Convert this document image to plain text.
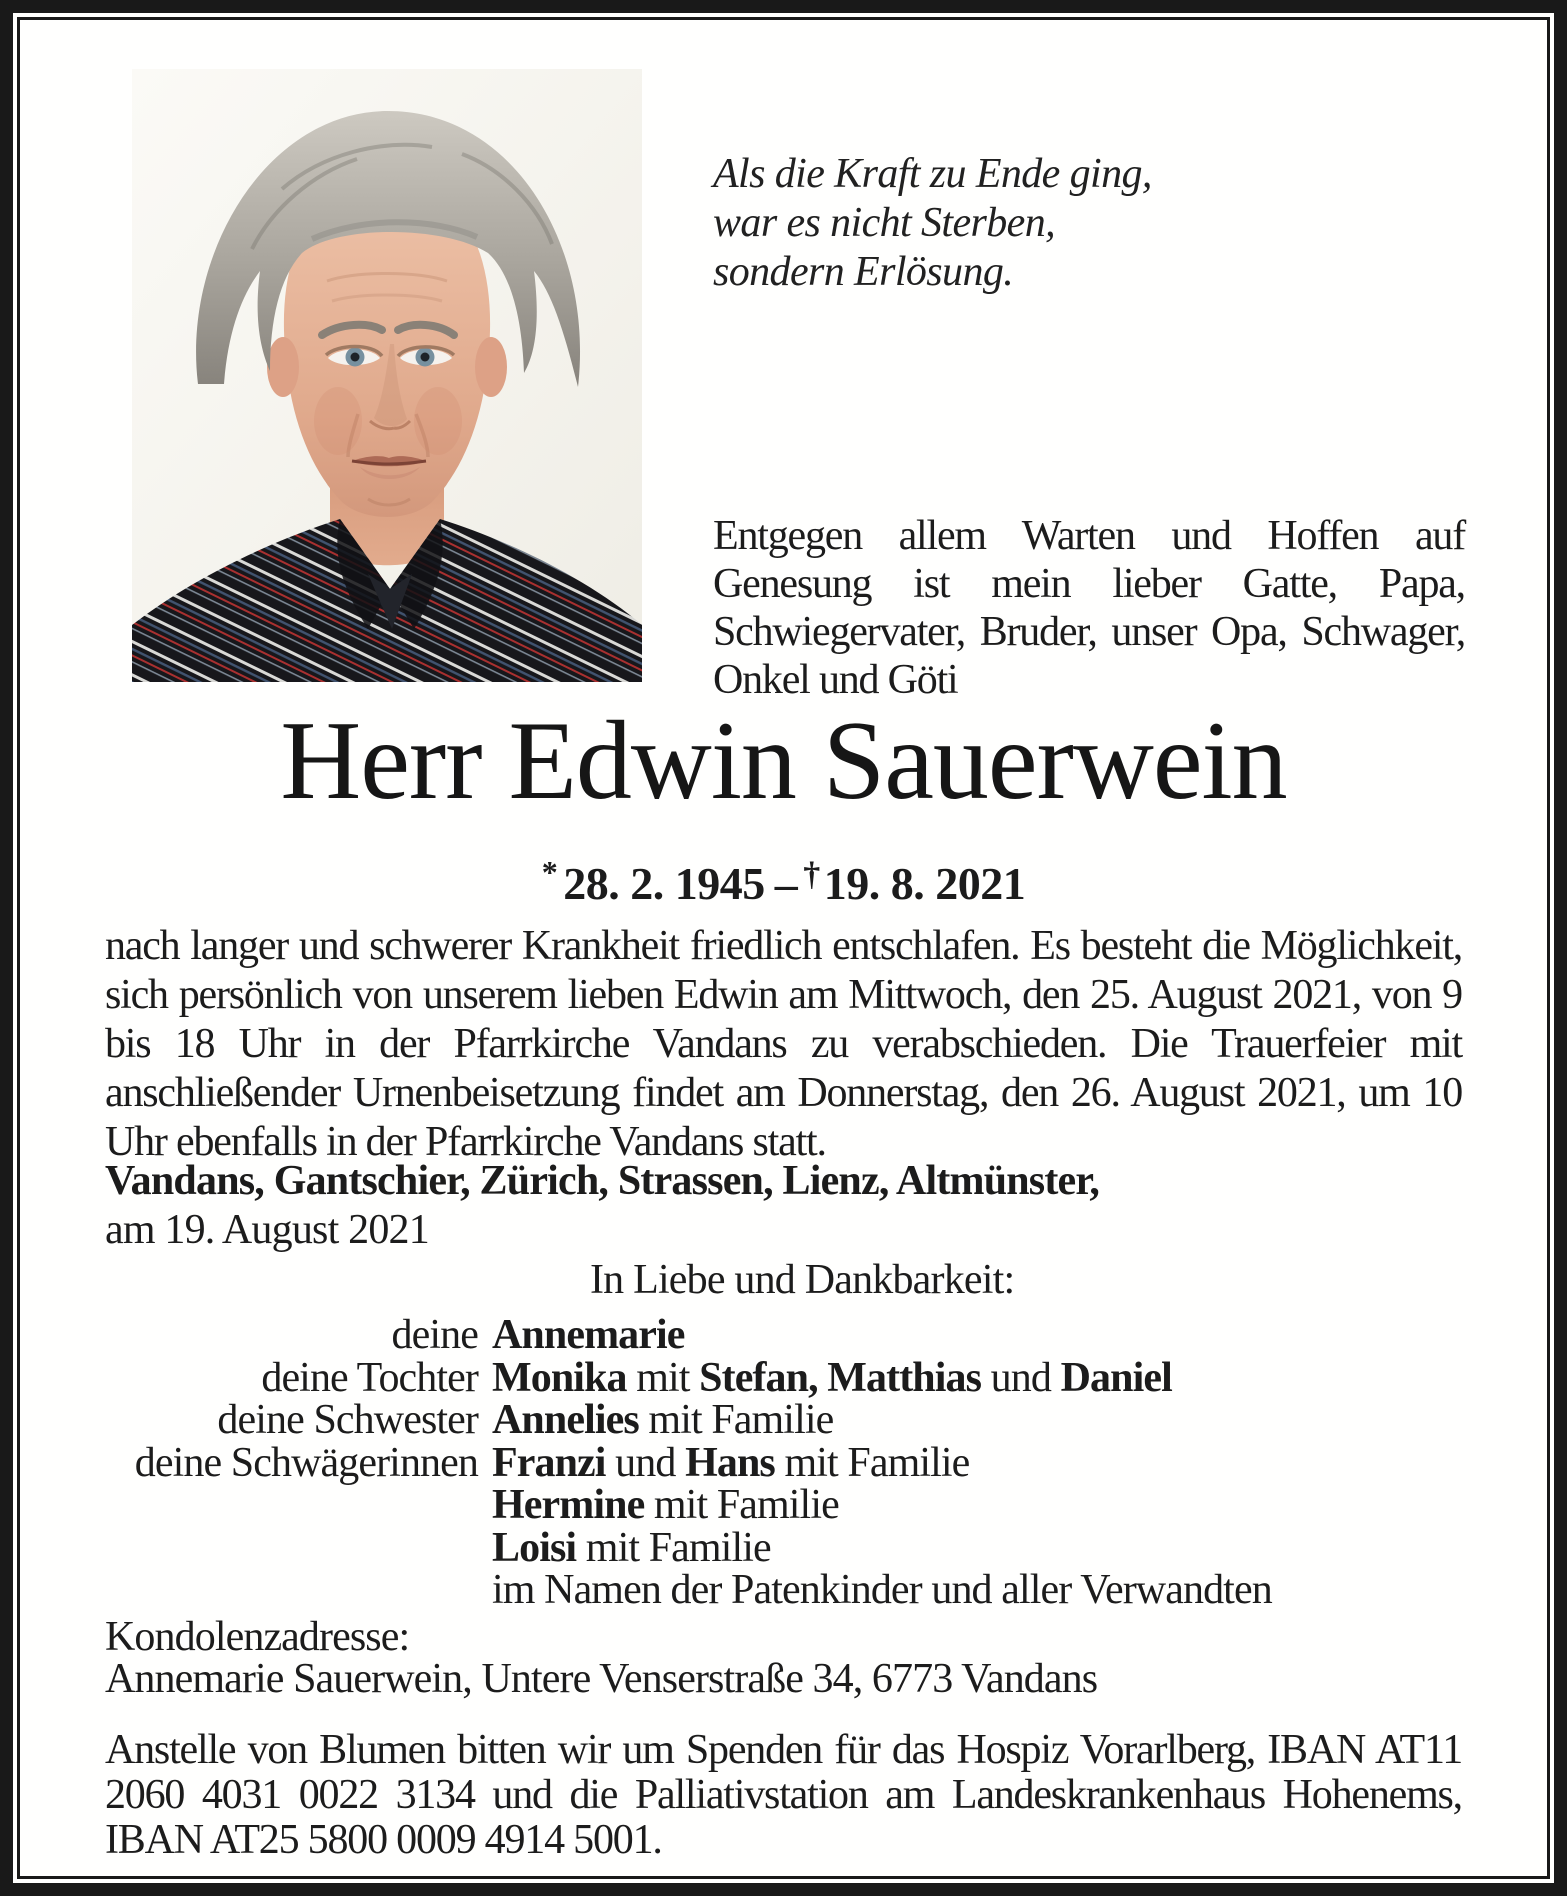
Als die Kraft zu Ende ging,
war es nicht Sterben,
sondern Erlösung.
Entgegen allem Warten und Hoffen auf Genesung ist mein lieber Gatte, Papa, Schwiegervater, Bruder, unser Opa, Schwager, Onkel und Göti
Herr Edwin Sauerwein
* 28. 2. 1945 – †19. 8. 2021

nach langer und schwerer Krankheit friedlich entschlafen. Es besteht die Möglichkeit, sich persönlich von unserem lieben Edwin am Mittwoch, den 25. August 2021, von 9 bis 18 Uhr in der Pfarrkirche Vandans zu verabschieden. Die Trauerfeier mit anschließender Urnenbeisetzung findet am Donnerstag, den 26. August 2021, um 10 Uhr ebenfalls in der Pfarrkirche Vandans statt.

Vandans, Gantschier, Zürich, Strassen, Lienz, Altmünster,

am 19. August 2021

In Liebe und Dankbarkeit:
deine Annemarie
deine Tochter Monika mit Stefan, Matthias und Daniel
deine Schwester Annelies mit Familie
deine Schwägerinnen Franzi und Hans mit Familie
Hermine mit Familie
Loisi mit Familie
im Namen der Patenkinder und aller Verwandten
Kondolenzadresse:
Annemarie Sauerwein, Untere Venserstraße 34, 6773 Vandans
Anstelle von Blumen bitten wir um Spenden für das Hospiz Vorarlberg, IBAN AT11 2060 4031 0022 3134 und die Palliativstation am Landeskrankenhaus Hohenems, IBAN AT25 5800 0009 4914 5001.
